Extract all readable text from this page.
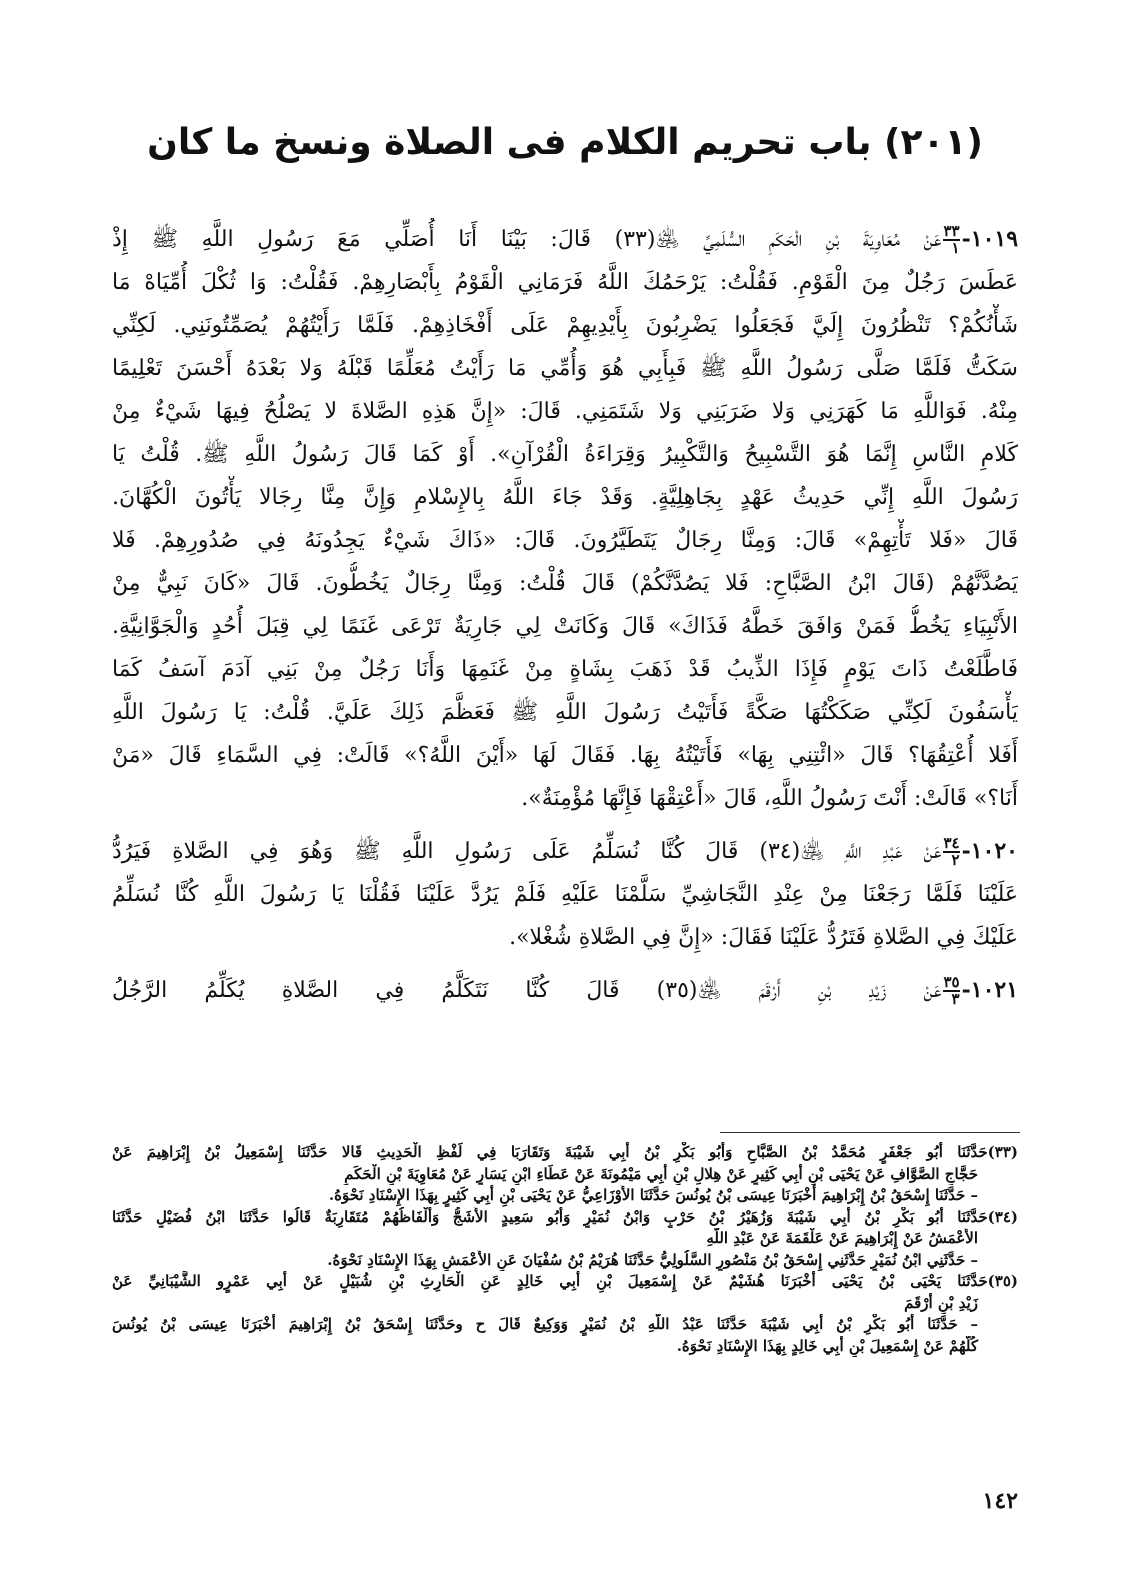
(٢٠١) باب تحريم الكلام فى الصلاة ونسخ ما كان
١٠١٩-
$\frac{٣٣}{١}$
عَنْ مُعَاوِيَةَ بْنِ الْحَكَمِ السُّلَمِيِّ ﵁(٣٣) قَالَ: بَيْنَا أَنَا أُصَلِّي مَعَ رَسُولِ اللَّهِ ﷺ إِذْ
عَطَسَ رَجُلٌ مِنَ الْقَوْمِ. فَقُلْتُ: يَرْحَمُكَ اللَّهُ فَرَمَانِي الْقَوْمُ بِأَبْصَارِهِمْ. فَقُلْتُ: وَا ثُكْلَ أُمِّيَاهْ مَا
شَأْنُكُمْ؟ تَنْظُرُونَ إِلَيَّ فَجَعَلُوا يَضْرِبُونَ بِأَيْدِيهِمْ عَلَى أَفْخَاذِهِمْ. فَلَمَّا رَأَيْتُهُمْ يُصَمِّتُونَنِي. لَكِنِّي
سَكَتُّ فَلَمَّا صَلَّى رَسُولُ اللَّهِ ﷺ فَبِأَبِي هُوَ وَأُمِّي مَا رَأَيْتُ مُعَلِّمًا قَبْلَهُ وَلا بَعْدَهُ أَحْسَنَ تَعْلِيمًا
مِنْهُ. فَوَاللَّهِ مَا كَهَرَنِي وَلا ضَرَبَنِي وَلا شَتَمَنِي. قَالَ: «إِنَّ هَذِهِ الصَّلاةَ لا يَصْلُحُ فِيهَا شَيْءٌ مِنْ
كَلامِ النَّاسِ إِنَّمَا هُوَ التَّسْبِيحُ وَالتَّكْبِيرُ وَقِرَاءَةُ الْقُرْآنِ». أَوْ كَمَا قَالَ رَسُولُ اللَّهِ ﷺ. قُلْتُ يَا
رَسُولَ اللَّهِ إِنِّي حَدِيثُ عَهْدٍ بِجَاهِلِيَّةٍ. وَقَدْ جَاءَ اللَّهُ بِالإِسْلامِ وَإِنَّ مِنَّا رِجَالا يَأْتُونَ الْكُهَّانَ.
قَالَ «فَلا تَأْتِهِمْ» قَالَ: وَمِنَّا رِجَالٌ يَتَطَيَّرُونَ. قَالَ: «ذَاكَ شَيْءٌ يَجِدُونَهُ فِي صُدُورِهِمْ. فَلا
يَصُدَّنَّهُمْ (قَالَ ابْنُ الصَّبَّاحِ: فَلا يَصُدَّنَّكُمْ) قَالَ قُلْتُ: وَمِنَّا رِجَالٌ يَخُطُّونَ. قَالَ «كَانَ نَبِيٌّ مِنْ
الأَنْبِيَاءِ يَخُطُّ فَمَنْ وَافَقَ خَطَّهُ فَذَاكَ» قَالَ وَكَانَتْ لِي جَارِيَةٌ تَرْعَى غَنَمًا لِي قِبَلَ أُحُدٍ وَالْجَوَّانِيَّةِ.
فَاطَّلَعْتُ ذَاتَ يَوْمٍ فَإِذَا الذِّيبُ قَدْ ذَهَبَ بِشَاةٍ مِنْ غَنَمِهَا وَأَنَا رَجُلٌ مِنْ بَنِي آدَمَ آسَفُ كَمَا
يَأْسَفُونَ لَكِنِّي صَكَكْتُهَا صَكَّةً فَأَتَيْتُ رَسُولَ اللَّهِ ﷺ فَعَظَّمَ ذَلِكَ عَلَيَّ. قُلْتُ: يَا رَسُولَ اللَّهِ
أَفَلا أُعْتِقُهَا؟ قَالَ «ائْتِنِي بِهَا» فَأَتَيْتُهُ بِهَا. فَقَالَ لَهَا «أَيْنَ اللَّهُ؟» قَالَتْ: فِي السَّمَاءِ قَالَ «مَنْ
أَنَا؟» قَالَتْ: أَنْتَ رَسُولُ اللَّهِ، قَالَ «أَعْتِقْهَا فَإِنَّهَا مُؤْمِنَةٌ».
١٠٢٠-
$\frac{٣٤}{٢}$
عَنْ عَبْدِ اللَّهِ ﵁(٣٤) قَالَ كُنَّا نُسَلِّمُ عَلَى رَسُولِ اللَّهِ ﷺ وَهُوَ فِي الصَّلاةِ فَيَرُدُّ
عَلَيْنَا فَلَمَّا رَجَعْنَا مِنْ عِنْدِ النَّجَاشِيِّ سَلَّمْنَا عَلَيْهِ فَلَمْ يَرُدَّ عَلَيْنَا فَقُلْنَا يَا رَسُولَ اللَّهِ كُنَّا نُسَلِّمُ
عَلَيْكَ فِي الصَّلاةِ فَتَرُدُّ عَلَيْنَا فَقَالَ: «إِنَّ فِي الصَّلاةِ شُغْلا».
١٠٢١-
$\frac{٣٥}{٣}$
عَنْ زَيْدِ بْنِ أَرْقَمَ ﵁(٣٥) قَالَ كُنَّا نَتَكَلَّمُ فِي الصَّلاةِ يُكَلِّمُ الرَّجُلُ
(٣٣)حَدَّثَنَا أَبُو جَعْفَرٍ مُحَمَّدُ بْنُ الصَّبَّاحِ وَأَبُو بَكْرِ بْنُ أَبِي شَيْبَةَ وَتَقَارَبَا فِي لَفْظِ الْحَدِيثِ قَالا حَدَّثَنَا إِسْمَعِيلُ بْنُ إِبْرَاهِيمَ عَنْ
حَجَّاجٍ الصَّوَّافِ عَنْ يَحْيَى بْنِ أَبِي كَثِيرٍ عَنْ هِلالِ بْنِ أَبِي مَيْمُونَةَ عَنْ عَطَاءِ ابْنِ يَسَارٍ عَنْ مُعَاوِيَةَ بْنِ الْحَكَمِ
– حَدَّثَنَا إِسْحَقُ بْنُ إِبْرَاهِيمَ أَخْبَرَنَا عِيسَى بْنُ يُونُسَ حَدَّثَنَا الأَوْزَاعِيُّ عَنْ يَحْيَى بْنِ أَبِي كَثِيرٍ بِهَذَا الإِسْنَادِ نَحْوَهُ.
(٣٤)حَدَّثَنَا أَبُو بَكْرِ بْنُ أَبِي شَيْبَةَ وَزُهَيْرُ بْنُ حَرْبٍ وَابْنُ نُمَيْرٍ وَأَبُو سَعِيدٍ الأَشَجُّ وَأَلْفَاظُهُمْ مُتَقَارِبَةٌ قَالُوا حَدَّثَنَا ابْنُ فُضَيْلٍ حَدَّثَنَا
الأَعْمَشُ عَنْ إِبْرَاهِيمَ عَنْ عَلْقَمَةَ عَنْ عَبْدِ اللَّهِ
– حَدَّثَنِي ابْنُ نُمَيْرٍ حَدَّثَنِي إِسْحَقُ بْنُ مَنْصُورٍ السَّلُولِيُّ حَدَّثَنَا هُرَيْمُ بْنُ سُفْيَانَ عَنِ الأَعْمَشِ بِهَذَا الإِسْنَادِ نَحْوَهُ.
(٣٥)حَدَّثَنَا يَحْيَى بْنُ يَحْيَى أَخْبَرَنَا هُشَيْمٌ عَنْ إِسْمَعِيلَ بْنِ أَبِي خَالِدٍ عَنِ الْحَارِثِ بْنِ شُبَيْلٍ عَنْ أَبِي عَمْرٍو الشَّيْبَانِيِّ عَنْ
زَيْدِ بْنِ أَرْقَمَ
– حَدَّثَنَا أَبُو بَكْرِ بْنُ أَبِي شَيْبَةَ حَدَّثَنَا عَبْدُ اللَّهِ بْنُ نُمَيْرٍ وَوَكِيعٌ قَالَ ح وحَدَّثَنَا إِسْحَقُ بْنُ إِبْرَاهِيمَ أَخْبَرَنَا عِيسَى بْنُ يُونُسَ
كُلُّهُمْ عَنْ إِسْمَعِيلَ بْنِ أَبِي خَالِدٍ بِهَذَا الإِسْنَادِ نَحْوَهُ.
١٤٢
